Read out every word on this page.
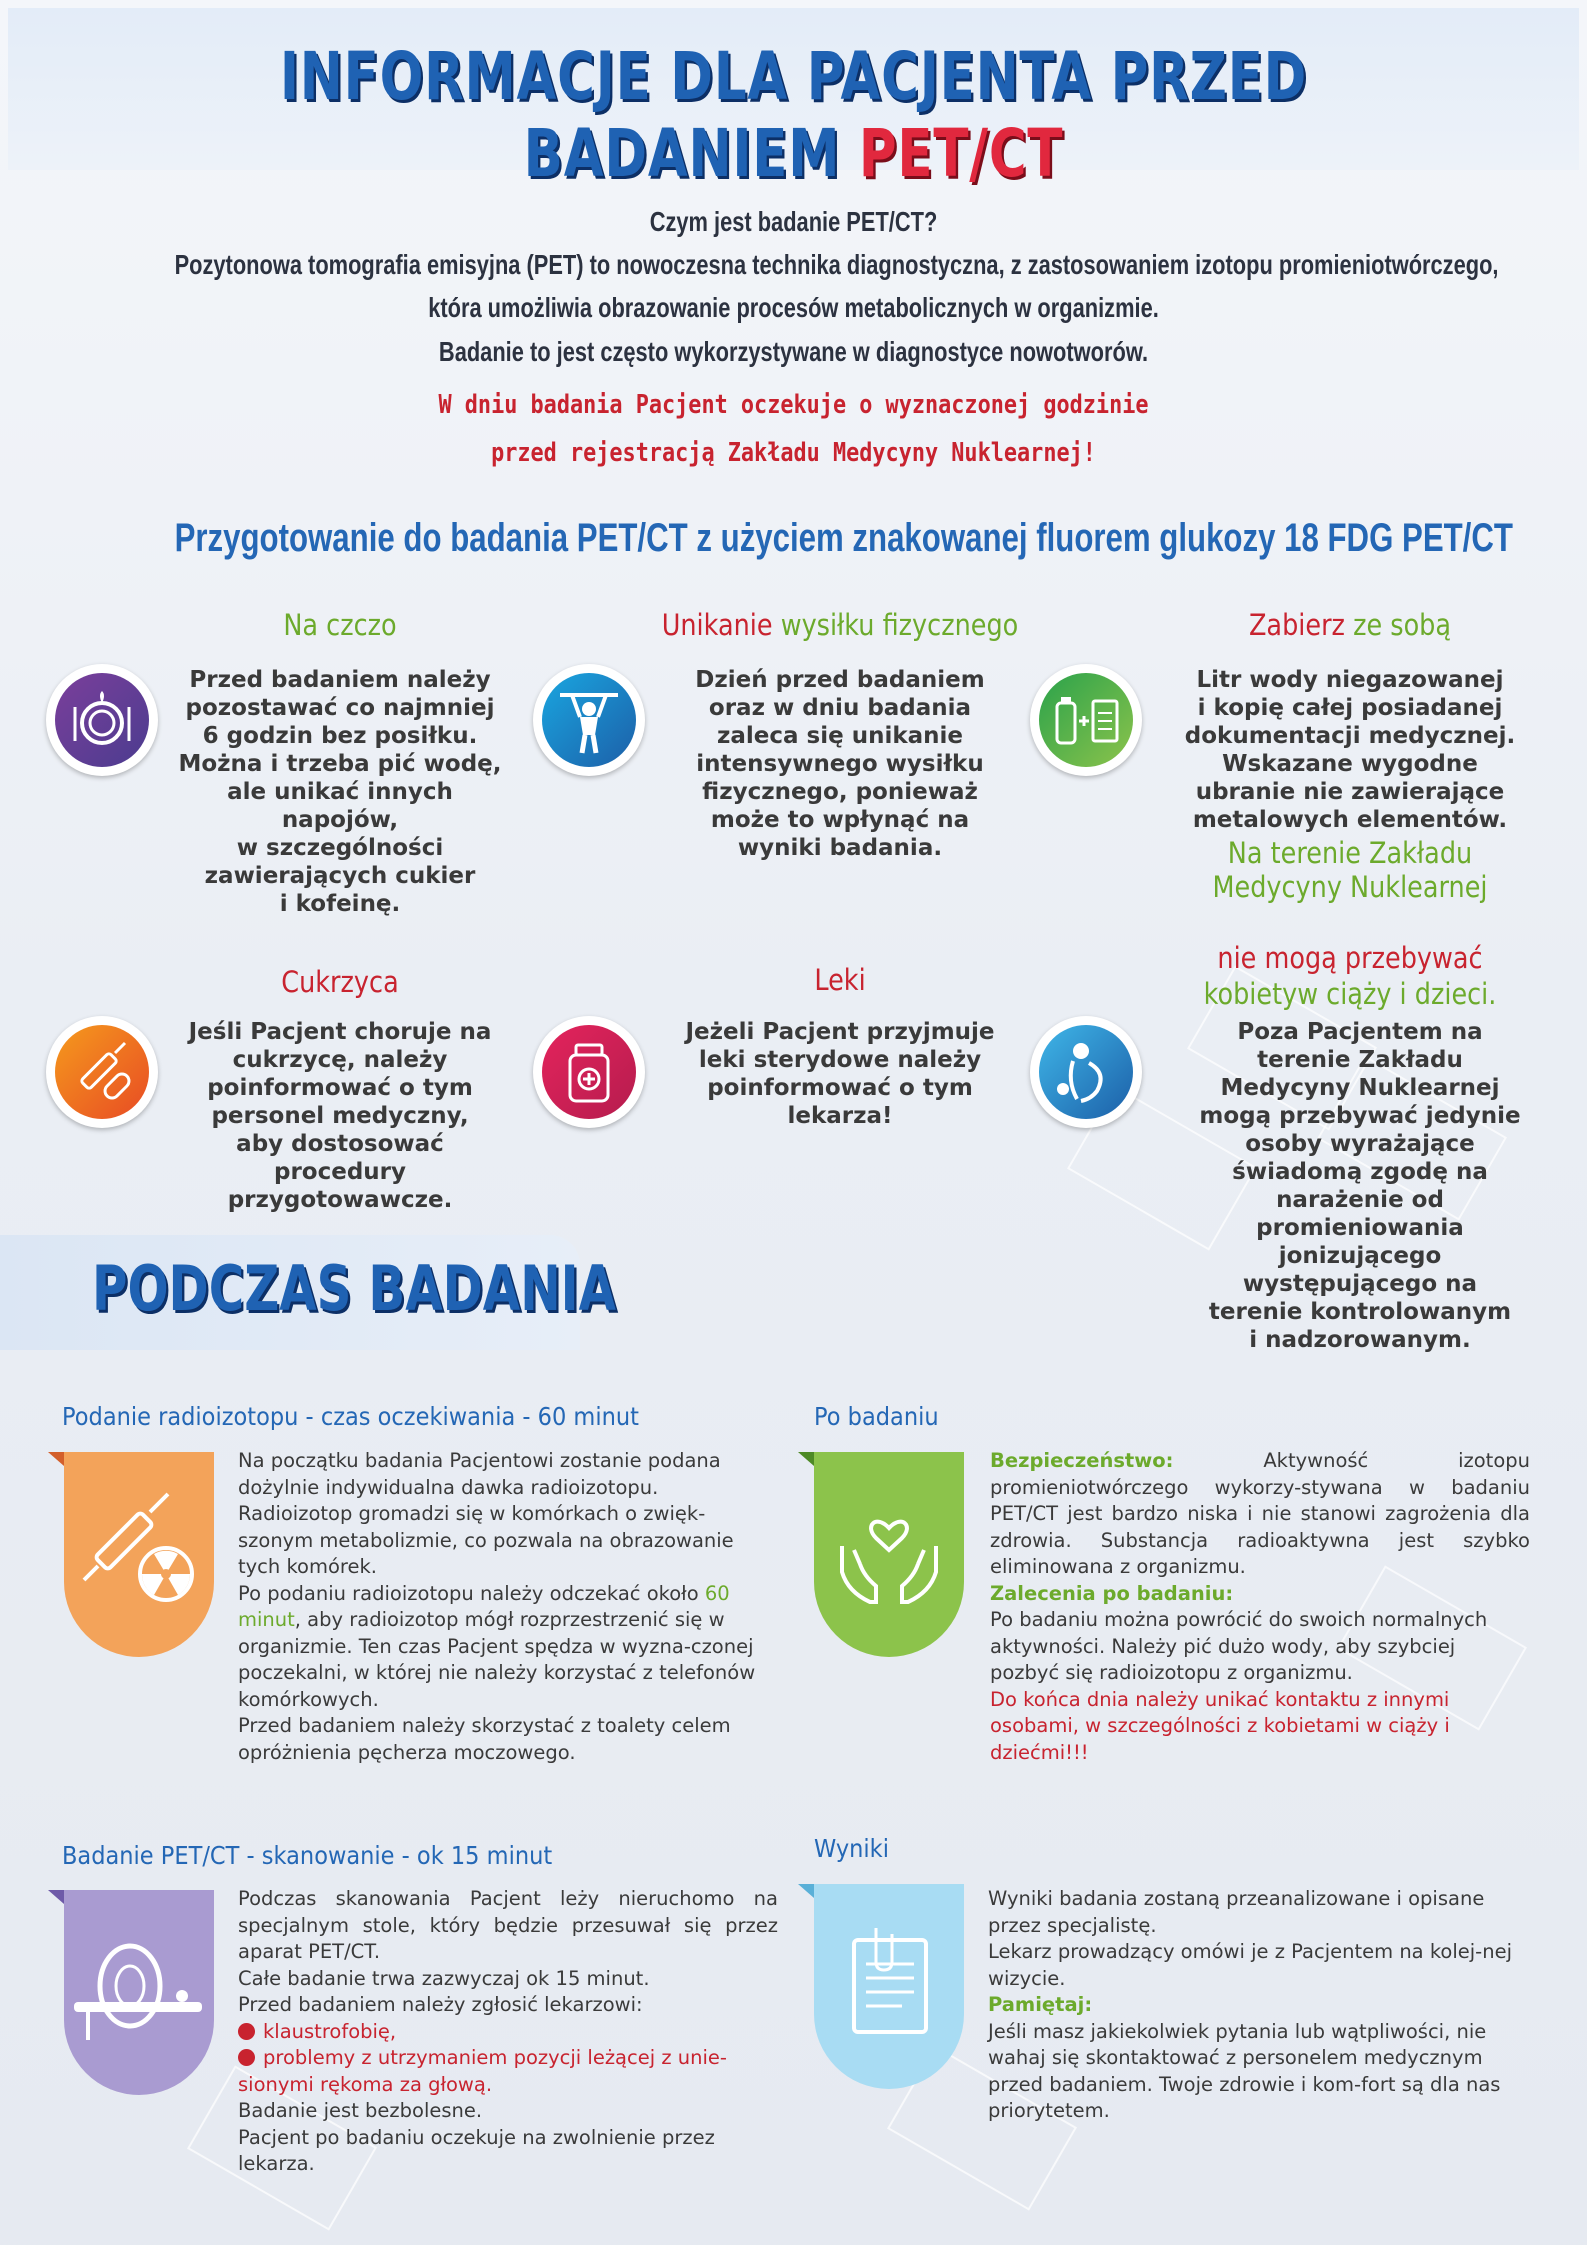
INFORMACJE DLA PACJENTA PRZED BADANIEM PET/CT
Czym jest badanie PET/CT?
Pozytonowa tomografia emisyjna (PET) to nowoczesna technika diagnostyczna, z zastosowaniem izotopu promieniotwórczego,
która umożliwia obrazowanie procesów metabolicznych w organizmie.
Badanie to jest często wykorzystywane w diagnostyce nowotworów.
W dniu badania Pacjent oczekuje o wyznaczonej godzinie
przed rejestracją Zakładu Medycyny Nuklearnej!
Przygotowanie do badania PET/CT z użyciem znakowanej fluorem glukozy 18 FDG PET/CT
Na czczo	Unikanie wysiłku fizycznego	Zabierz ze sobą
Przed badaniem należy
pozostawać co najmniej
6 godzin bez posiłku.
Można i trzeba pić wodę,
ale unikać innych napojów,
w szczególności
zawierających cukier
i kofeinę.
Dzień przed badaniem
oraz w dniu badania
zaleca się unikanie
intensywnego wysiłku
fizycznego, ponieważ
może to wpłynąć na
wyniki badania.
Litr wody niegazowanej
i kopię całej posiadanej
dokumentacji medycznej.
Wskazane wygodne
ubranie nie zawierające
metalowych elementów.
Na terenie Zakładu
Medycyny Nuklearnej
Cukrzyca	Leki
nie mogą przebywać
kobietyw ciąży i dzieci.
Jeśli Pacjent choruje na
cukrzycę, należy
poinformować o tym
personel medyczny,
aby dostosować
procedury
przygotowawcze.
Jeżeli Pacjent przyjmuje
leki sterydowe należy
poinformować o tym
lekarza!
Poza Pacjentem na
terenie Zakładu
Medycyny Nuklearnej
mogą przebywać jedynie
osoby wyrażające
świadomą zgodę na
narażenie od
promieniowania
jonizującego
występującego na
terenie kontrolowanym
i nadzorowanym.
PODCZAS BADANIA
Podanie radioizotopu - czas oczekiwania - 60 minut

Na początku badania Pacjentowi zostanie podana dożylnie indywidualna dawka radioizotopu.

Radioizotop gromadzi się w komórkach o zwięk-szonym metabolizmie, co pozwala na obrazowanie tych komórek.

Po podaniu radioizotopu należy odczekać około 60 minut, aby radioizotop mógł rozprzestrzenić się w organizmie. Ten czas Pacjent spędza w wyzna-czonej poczekalni, w której nie należy korzystać z telefonów komórkowych.

Przed badaniem należy skorzystać z toalety celem opróżnienia pęcherza moczowego.

Po badaniu

Bezpieczeństwo:	Aktywność izotopu promieniotwórczego wykorzy-stywana w badaniu PET/CT jest bardzo niska i nie stanowi zagrożenia dla zdrowia. Substancja radioaktywna jest szybko eliminowana z organizmu.

Zalecenia po badaniu:

Po badaniu można powrócić do swoich normalnych aktywności. Należy pić dużo wody, aby szybciej pozbyć się radioizotopu z organizmu.

Do końca dnia należy unikać kontaktu z innymi osobami, w szczególności z kobietami w ciąży i dziećmi!!!

Badanie PET/CT - skanowanie - ok 15 minut

Podczas skanowania Pacjent leży nieruchomo na specjalnym stole, który będzie przesuwał się przez aparat PET/CT.

Całe badanie trwa zazwyczaj ok 15 minut.

Przed badaniem należy zgłosić lekarzowi:

klaustrofobię,

problemy z utrzymaniem pozycji leżącej z unie-sionymi rękoma za głową.

Badanie jest bezbolesne.

Pacjent po badaniu oczekuje na zwolnienie przez lekarza.

Wyniki

Wyniki badania zostaną przeanalizowane i opisane przez specjalistę.

Lekarz prowadzący omówi je z Pacjentem na kolej-nej wizycie.

Pamiętaj:

Jeśli masz jakiekolwiek pytania lub wątpliwości, nie wahaj się skontaktować z personelem medycznym przed badaniem. Twoje zdrowie i kom-fort są dla nas priorytetem.
